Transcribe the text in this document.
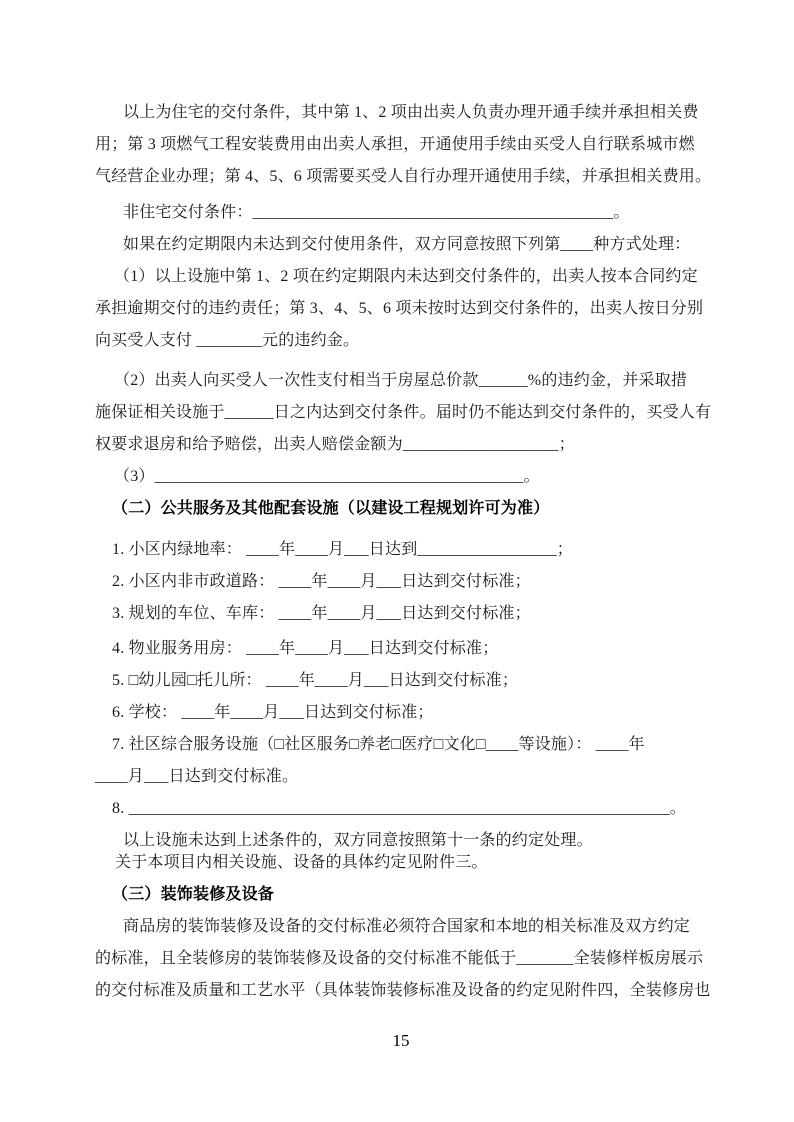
以上为住宅的交付条件，其中第 1、2 项由出卖人负责办理开通手续并承担相关费
用；第 3 项燃气工程安装费用由出卖人承担，开通使用手续由买受人自行联系城市燃
气经营企业办理；第 4、5、6 项需要买受人自行办理开通使用手续，并承担相关费用。
非住宅交付条件：____________________________________________。
如果在约定期限内未达到交付使用条件，双方同意按照下列第____种方式处理：
（1）以上设施中第 1、2 项在约定期限内未达到交付条件的，出卖人按本合同约定
承担逾期交付的违约责任；第 3、4、5、6 项未按时达到交付条件的，出卖人按日分别
向买受人支付 ________元的违约金。
（2）出卖人向买受人一次性支付相当于房屋总价款______%的违约金，并采取措
施保证相关设施于______日之内达到交付条件。届时仍不能达到交付条件的，买受人有
权要求退房和给予赔偿，出卖人赔偿金额为___________________；
（3）_____________________________________________。
（二）公共服务及其他配套设施（以建设工程规划许可为准）
1. 小区内绿地率： ____年____月___日达到_________________；
2. 小区内非市政道路： ____年____月___日达到交付标准；
3. 规划的车位、车库： ____年____月___日达到交付标准；
4. 物业服务用房： ____年____月___日达到交付标准；
5. □幼儿园□托儿所： ____年____月___日达到交付标准；
6. 学校： ____年____月___日达到交付标准；
7. 社区综合服务设施（□社区服务□养老□医疗□文化□____等设施）： ____年
____月___日达到交付标准。
8. __________________________________________________________________。
以上设施未达到上述条件的，双方同意按照第十一条的约定处理。
关于本项目内相关设施、设备的具体约定见附件三。
（三）装饰装修及设备
商品房的装饰装修及设备的交付标准必须符合国家和本地的相关标准及双方约定
的标准，且全装修房的装饰装修及设备的交付标准不能低于_______全装修样板房展示
的交付标准及质量和工艺水平（具体装饰装修标准及设备的约定见附件四，全装修房也
15
